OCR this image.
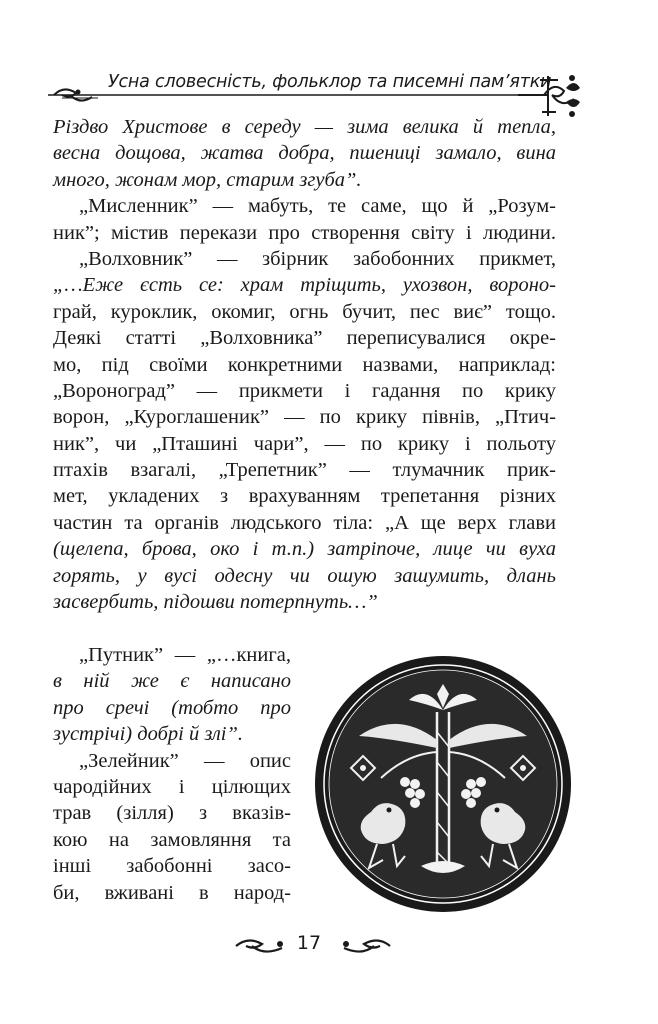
Усна словесність, фольклор та писемні пам’ятки
Різдво Христове в середу — зима велика й тепла,
весна дощова, жатва добра, пшениці замало, вина
много, жонам мор, старим згуба”.
„Мисленник” — мабуть, те саме, що й „Розум-
ник”; містив перекази про створення світу і людини.
„Волховник” — збірник забобонних прикмет,
„…Еже єсть се: храм тріщить, ухозвон, вороно-
грай, куроклик, окомиг, огнь бучит, пес виє” тощо.
Деякі статті „Волховника” переписувалися окре-
мо, під своїми конкретними назвами, наприклад:
„Вороноград” — прикмети і гадання по крику
ворон, „Куроглашеник” — по крику півнів, „Птич-
ник”, чи „Пташині чари”, — по крику і польоту
птахів взагалі, „Трепетник” — тлумачник прик-
мет, укладених з врахуванням трепетання різних
частин та органів людського тіла: „А ще верх глави
(щелепа, брова, око і т.п.) затріпоче, лице чи вуха
горять, у вусі одесну чи ошую зашумить, длань
засвербить, підошви потерпнуть…”
„Путник” — „…книга,
в ній же є написано
про сречі (тобто про
зустрічі) добрі й злі”.
„Зелейник” — опис
чародійних і цілющих
трав (зілля) з вказів-
кою на замовляння та
інші забобонні засо-
би, вживані в народ-
17
